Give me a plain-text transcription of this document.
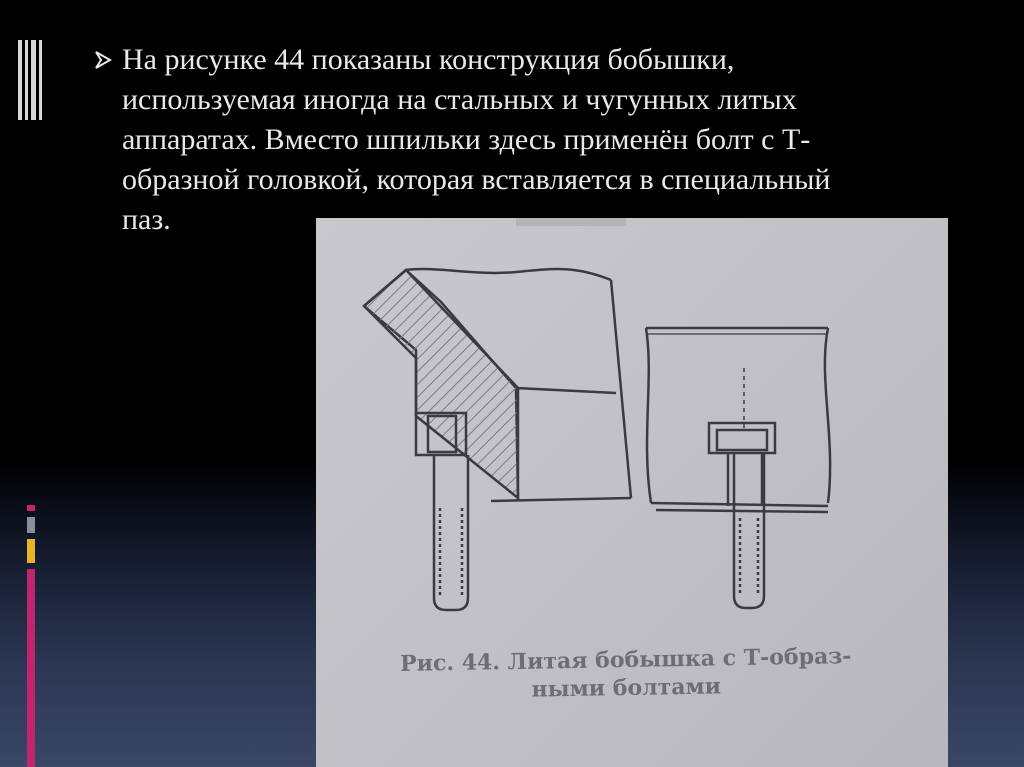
На рисунке 44 показаны конструкция бобышки,
используемая иногда на стальных и чугунных литых
аппаратах. Вместо шпильки здесь применён болт с Т-
образной головкой, которая вставляется в специальный
паз.
Рис. 44. Литая бобышка с Т-образ-
ными болтами
